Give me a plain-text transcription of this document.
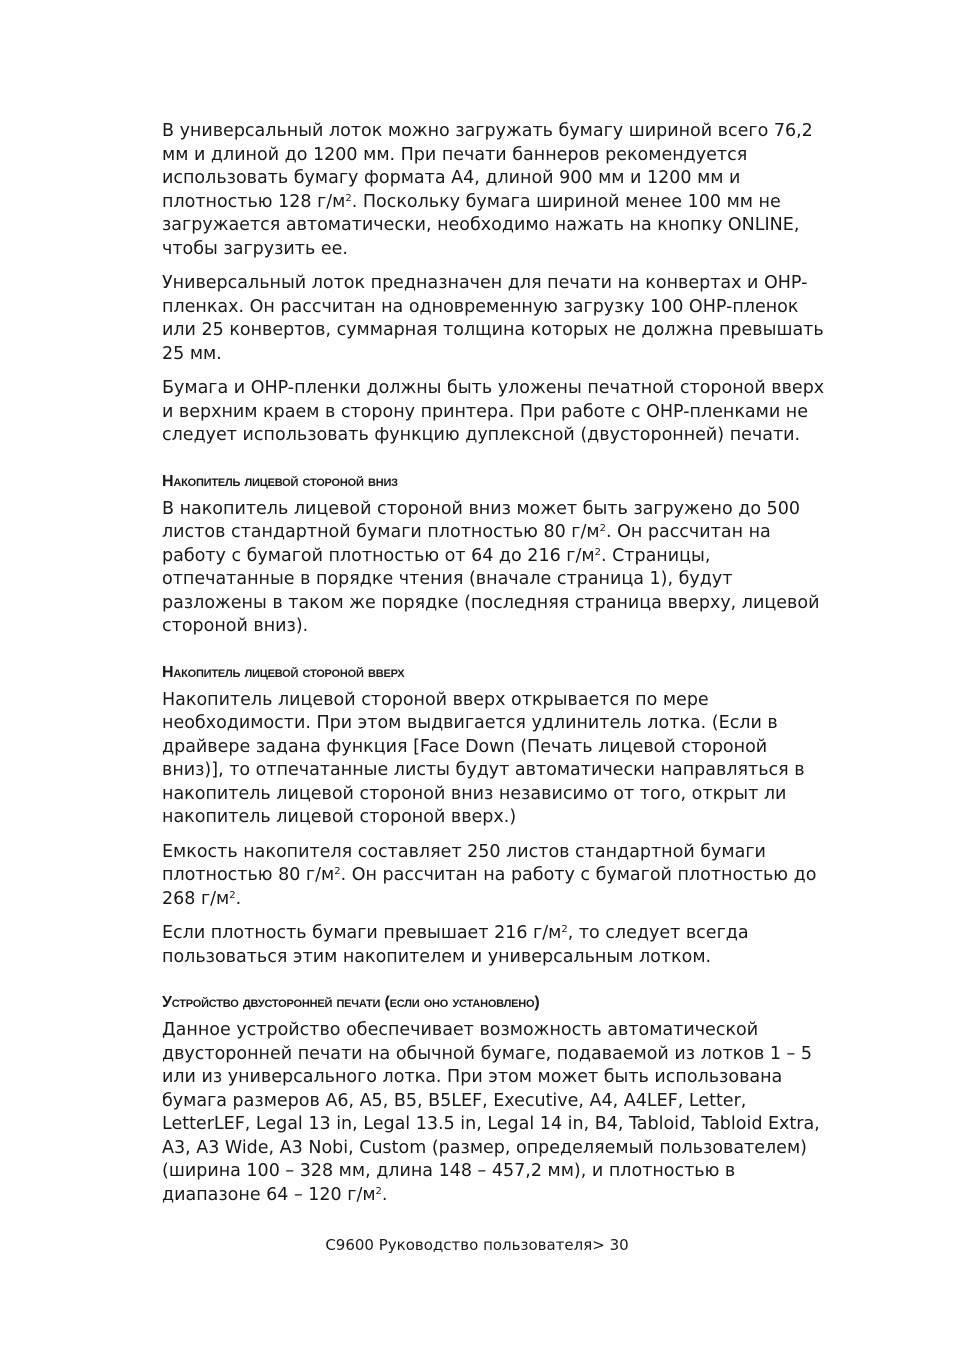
В универсальный лоток можно загружать бумагу шириной всего 76,2 мм и длиной до 1200 мм. При печати баннеров рекомендуется использовать бумагу формата А4, длиной 900 мм и 1200 мм и плотностью 128 $г/м^2$. Поскольку бумага шириной менее 100 мм не загружается автоматически, необходимо нажать на кнопку ONLINE, чтобы загрузить ее.

Универсальный лоток предназначен для печати на конвертах и OHP-пленках. Он рассчитан на одновременную загрузку 100 OHP-пленок или 25 конвертов, суммарная толщина которых не должна превышать 25 мм.

Бумага и OHP-пленки должны быть уложены печатной стороной вверх и верхним краем в сторону принтера. При работе с OHP-пленками не следует использовать функцию дуплексной (двусторонней) печати.

Накопитель лицевой стороной вниз

В накопитель лицевой стороной вниз может быть загружено до 500 листов стандартной бумаги плотностью 80 $г/м^2$. Он рассчитан на работу с бумагой плотностью от 64 до 216 $г/м^2$. Страницы, отпечатанные в порядке чтения (вначале страница 1), будут разложены в таком же порядке (последняя страница вверху, лицевой стороной вниз).

Накопитель лицевой стороной вверх

Накопитель лицевой стороной вверх открывается по мере необходимости. При этом выдвигается удлинитель лотка. (Если в драйвере задана функция [Face Down (Печать лицевой стороной вниз)], то отпечатанные листы будут автоматически направляться в накопитель лицевой стороной вниз независимо от того, открыт ли накопитель лицевой стороной вверх.)

Емкость накопителя составляет 250 листов стандартной бумаги плотностью 80 $г/м^2$. Он рассчитан на работу с бумагой плотностью до 268 $г/м^2$.

Если плотность бумаги превышает 216 $г/м^2$, то следует всегда пользоваться этим накопителем и универсальным лотком.

Устройство двусторонней печати (если оно установлено)

Данное устройство обеспечивает возможность автоматической двусторонней печати на обычной бумаге, подаваемой из лотков 1 – 5 или из универсального лотка. При этом может быть использована бумага размеров A6, A5, B5, B5LEF, Executive, A4, A4LEF, Letter, LetterLEF, Legal 13 in, Legal 13.5 in, Legal 14 in, B4, Tabloid, Tabloid Extra, A3, A3 Wide, A3 Nobi, Custom (размер, определяемый пользователем) (ширина 100 – 328 мм, длина 148 – 457,2 мм), и плотностью в диапазоне 64 – 120 $г/м^2$.

C9600 Руководство пользователя> 30
